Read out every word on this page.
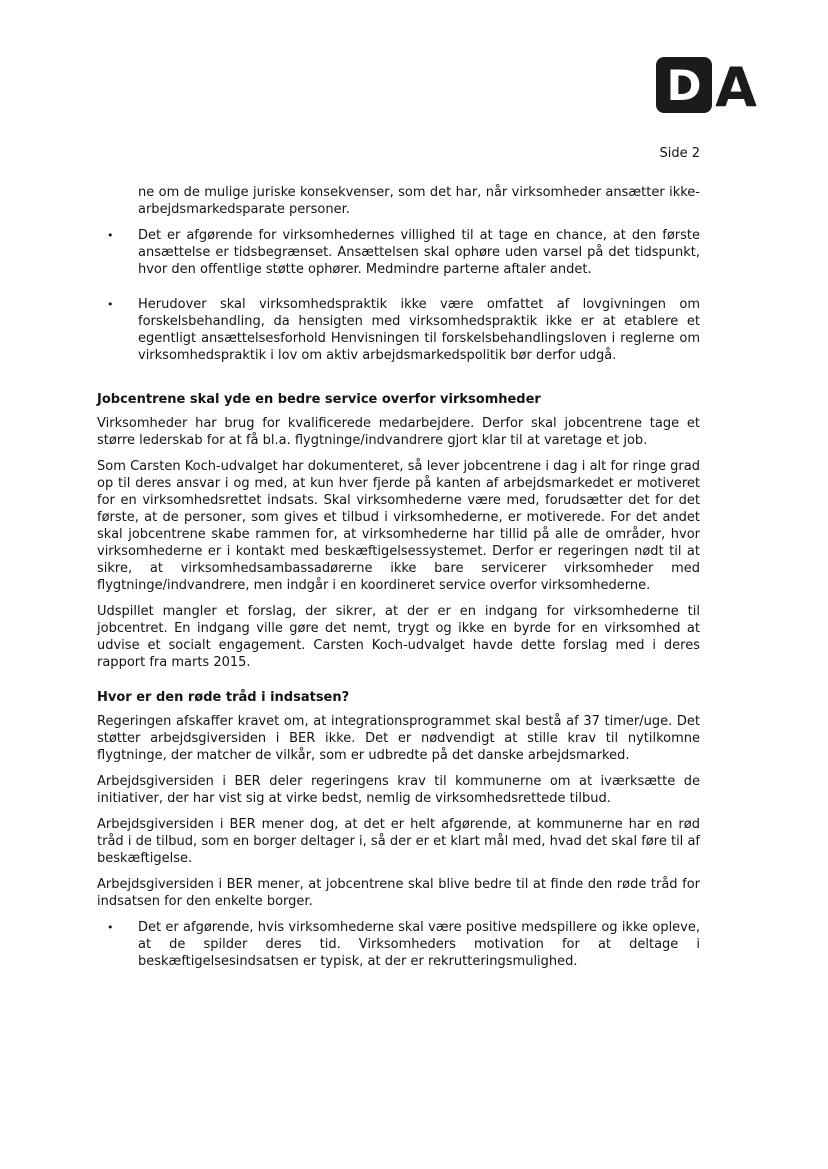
D A
Side 2

ne om de mulige juriske konsekvenser, som det har, når virksomheder ansætter ikke-arbejdsmarkedsparate personer.

•	Det er afgørende for virksomhedernes villighed til at tage en chance, at den første ansættelse er tidsbegrænset. Ansættelsen skal ophøre uden varsel på det tidspunkt, hvor den offentlige støtte ophører. Medmindre parterne aftaler andet.

•	Herudover skal virksomhedspraktik ikke være omfattet af lovgivningen om forskelsbehandling, da hensigten med virksomhedspraktik ikke er at etablere et egentligt ansættelsesforhold Henvisningen til forskelsbehandlingsloven i reglerne om virksomhedspraktik i lov om aktiv arbejdsmarkedspolitik bør derfor udgå.

Jobcentrene skal yde en bedre service overfor virksomheder

Virksomheder har brug for kvalificerede medarbejdere. Derfor skal jobcentrene tage et større lederskab for at få bl.a. flygtninge/indvandrere gjort klar til at varetage et job.

Som Carsten Koch-udvalget har dokumenteret, så lever jobcentrene i dag i alt for ringe grad op til deres ansvar i og med, at kun hver fjerde på kanten af arbejdsmarkedet er motiveret for en virksomhedsrettet indsats. Skal virksomhederne være med, forudsætter det for det første, at de personer, som gives et tilbud i virksomhederne, er motiverede. For det andet skal jobcentrene skabe rammen for, at virksomhederne har tillid på alle de områder, hvor virksomhederne er i kontakt med beskæftigelsessystemet. Derfor er regeringen nødt til at sikre, at virksomhedsambassadørerne ikke bare servicerer virksomheder med flygtninge/indvandrere, men indgår i en koordineret service overfor virksomhederne.

Udspillet mangler et forslag, der sikrer, at der er en indgang for virksomhederne til jobcentret. En indgang ville gøre det nemt, trygt og ikke en byrde for en virksomhed at udvise et socialt engagement. Carsten Koch-udvalget havde dette forslag med i deres rapport fra marts 2015.

Hvor er den røde tråd i indsatsen?

Regeringen afskaffer kravet om, at integrationsprogrammet skal bestå af 37 timer/uge. Det støtter arbejdsgiversiden i BER ikke. Det er nødvendigt at stille krav til nytilkomne flygtninge, der matcher de vilkår, som er udbredte på det danske arbejdsmarked.

Arbejdsgiversiden i BER deler regeringens krav til kommunerne om at iværksætte de initiativer, der har vist sig at virke bedst, nemlig de virksomhedsrettede tilbud.

Arbejdsgiversiden i BER mener dog, at det er helt afgørende, at kommunerne har en rød tråd i de tilbud, som en borger deltager i, så der er et klart mål med, hvad det skal føre til af beskæftigelse.

Arbejdsgiversiden i BER mener, at jobcentrene skal blive bedre til at finde den røde tråd for indsatsen for den enkelte borger.

•	Det er afgørende, hvis virksomhederne skal være positive medspillere og ikke opleve, at de spilder deres tid. Virksomheders motivation for at deltage i beskæftigelsesindsatsen er typisk, at der er rekrutteringsmulighed.
